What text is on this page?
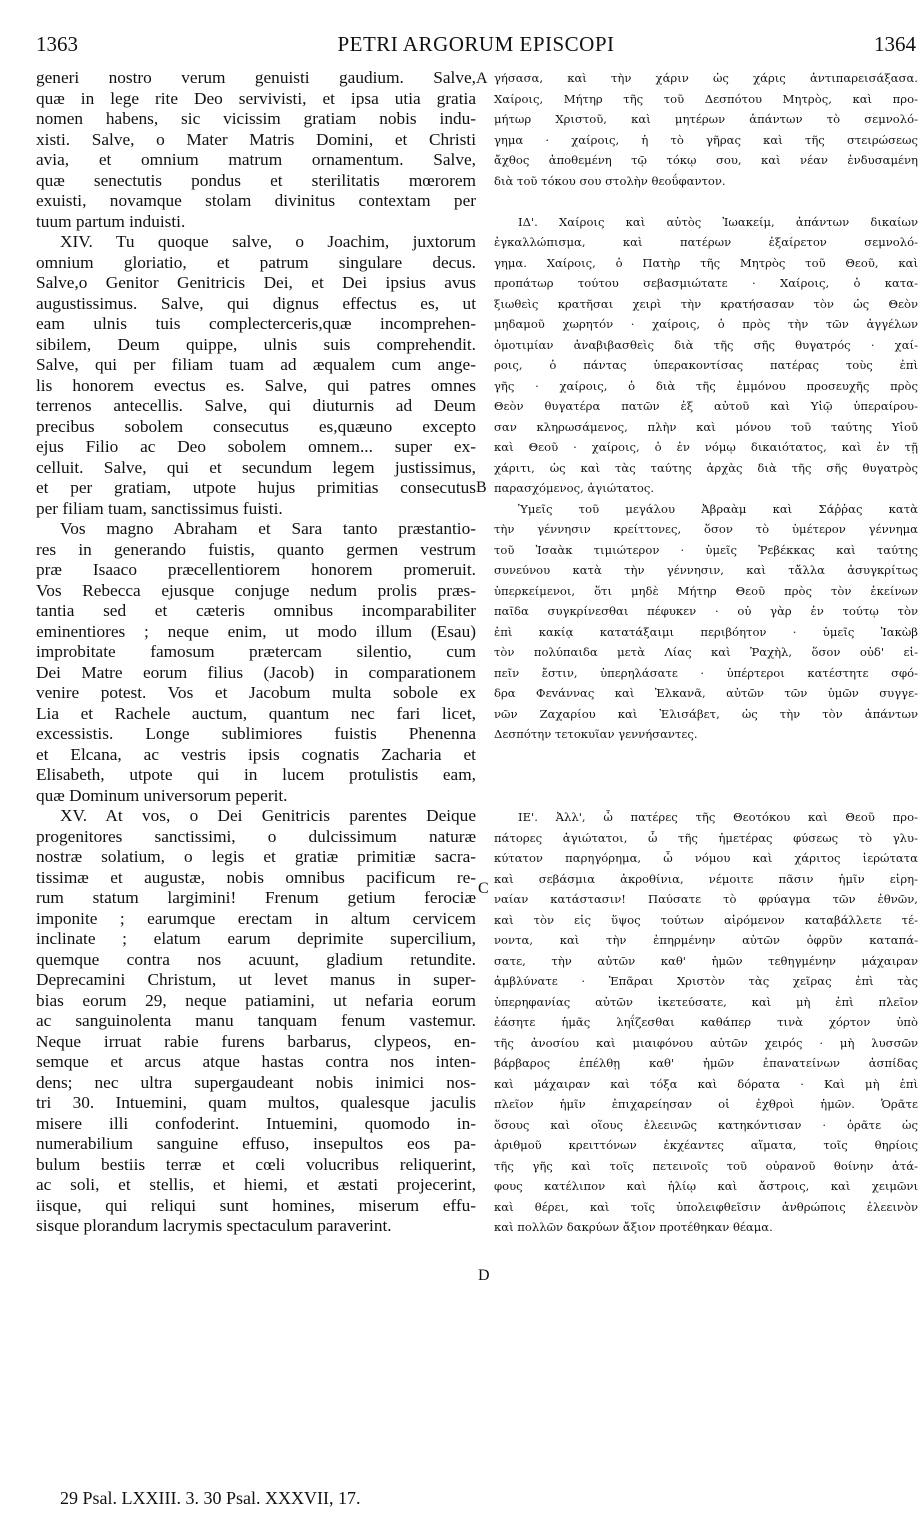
1363	PETRI ARGORUM EPISCOPI	1364
generi nostro verum genuisti gaudium. Salve,
quæ in lege rite Deo servivisti, et ipsa utia gratia
nomen habens, sic vicissim gratiam nobis indu-
xisti. Salve, o Mater Matris Domini, et Christi
avia, et omnium matrum ornamentum. Salve,
quæ senectutis pondus et sterilitatis mœrorem
exuisti, novamque stolam divinitus contextam per
tuum partum induisti.
XIV. Tu quoque salve, o Joachim, juxtorum
omnium gloriatio, et patrum singulare decus.
Salve,o Genitor Genitricis Dei, et Dei ipsius avus
augustissimus. Salve, qui dignus effectus es, ut
eam ulnis tuis complecterceris,quæ incomprehen-
sibilem, Deum quippe, ulnis suis comprehendit.
Salve, qui per filiam tuam ad æqualem cum ange-
lis honorem evectus es. Salve, qui patres omnes
terrenos antecellis. Salve, qui diuturnis ad Deum
precibus sobolem consecutus es,quæuno excepto
ejus Filio ac Deo sobolem omnem... super ex-
celluit. Salve, qui et secundum legem justissimus,
et per gratiam, utpote hujus primitias consecutus
per filiam tuam, sanctissimus fuisti.
Vos magno Abraham et Sara tanto præstantio-
res in generando fuistis, quanto germen vestrum
præ Isaaco præcellentiorem honorem promeruit.
Vos Rebecca ejusque conjuge nedum prolis præs-
tantia sed et cæteris omnibus incomparabiliter
eminentiores ; neque enim, ut modo illum (Esau)
improbitate famosum prætercam silentio, cum
Dei Matre eorum filius (Jacob) in comparationem
venire potest. Vos et Jacobum multa sobole ex
Lia et Rachele auctum, quantum nec fari licet,
excessistis. Longe sublimiores fuistis Phenenna
et Elcana, ac vestris ipsis cognatis Zacharia et
Elisabeth, utpote qui in lucem protulistis eam,
quæ Dominum universorum peperit.
XV. At vos, o Dei Genitricis parentes Deique
progenitores sanctissimi, o dulcissimum naturæ
nostræ solatium, o legis et gratiæ primitiæ sacra-
tissimæ et augustæ, nobis omnibus pacificum re-
rum statum largimini! Frenum getium ferociæ
imponite ; earumque erectam in altum cervicem
inclinate ; elatum earum deprimite supercilium,
quemque contra nos acuunt, gladium retundite.
Deprecamini Christum, ut levet manus in super-
bias eorum 29, neque patiamini, ut nefaria eorum
ac sanguinolenta manu tanquam fenum vastemur.
Neque irruat rabie furens barbarus, clypeos, en-
semque et arcus atque hastas contra nos inten-
dens; nec ultra supergaudeant nobis inimici nos-
tri 30. Intuemini, quam multos, qualesque jaculis
misere illi confoderint. Intuemini, quomodo in-
numerabilium sanguine effuso, insepultos eos pa-
bulum bestiis terræ et cœli volucribus reliquerint,
ac soli, et stellis, et hiemi, et æstati projecerint,
iisque, qui reliqui sunt homines, miserum effu-
sisque plorandum lacrymis spectaculum paraverint.
γήσασα, καὶ τὴν χάριν ὡς χάρις ἀντιπαρεισάξασα.
Χαίροις, Μήτηρ τῆς τοῦ Δεσπότου Μητρὸς, καὶ προ-
μήτωρ Χριστοῦ, καὶ μητέρων ἁπάντων τὸ σεμνολό-
γημα · χαίροις, ἡ τὸ γῆρας καὶ τῆς στειρώσεως
ἄχθος ἀποθεμένη τῷ τόκῳ σου, καὶ νέαν ἐνδυσαμένη
διὰ τοῦ τόκου σου στολὴν θεοΰφαντον.
ΙΔ'. Χαίροις καὶ αὐτὸς Ἰωακείμ, ἁπάντων δικαίων
ἐγκαλλώπισμα, καὶ πατέρων ἐξαίρετον σεμνολό-
γημα. Χαίροις, ὁ Πατὴρ τῆς Μητρὸς τοῦ Θεοῦ, καὶ
προπάτωρ τούτου σεβασμιώτατε · Χαίροις, ὁ κατα-
ξιωθεὶς κρατῆσαι χειρὶ τὴν κρατήσασαν τὸν ὡς Θεὸν
μηδαμοῦ χωρητόν · χαίροις, ὁ πρὸς τὴν τῶν ἀγγέλων
ὁμοτιμίαν ἀναβιβασθεὶς διὰ τῆς σῆς θυγατρός · χαί-
ροις, ὁ πάντας ὑπερακοντίσας πατέρας τοὺς ἐπὶ
γῆς · χαίροις, ὁ διὰ τῆς ἐμμόνου προσευχῆς πρὸς
Θεὸν θυγατέρα πατῶν ἐξ αὐτοῦ καὶ Υἱῷ ὑπεραίρου-
σαν κληρωσάμενος, πλὴν καὶ μόνου τοῦ ταύτης Υἱοῦ
καὶ Θεοῦ · χαίροις, ὁ ἐν νόμῳ δικαιότατος, καὶ ἐν τῇ
χάριτι, ὡς καὶ τὰς ταύτης ἀρχὰς διὰ τῆς σῆς θυγατρὸς
παρασχόμενος, ἁγιώτατος.
Ὑμεῖς τοῦ μεγάλου Ἀβραὰμ καὶ Σάῤῥας κατὰ
τὴν γέννησιν κρείττονες, ὅσον τὸ ὑμέτερον γέννημα
τοῦ Ἰσαὰκ τιμιώτερον · ὑμεῖς Ῥεβέκκας καὶ ταύτης
συνεύνου κατὰ τὴν γέννησιν, καὶ τἄλλα ἀσυγκρίτως
ὑπερκείμενοι, ὅτι μηδὲ Μήτηρ Θεοῦ πρὸς τὸν ἐκείνων
παῖδα συγκρίνεσθαι πέφυκεν · οὐ γὰρ ἐν τούτῳ τὸν
ἐπὶ κακίᾳ κατατάξαιμι περιβόητον · ὑμεῖς Ἰακὼβ
τὸν πολύπαιδα μετὰ Λίας καὶ Ῥαχὴλ, ὅσον οὐδ' εἰ-
πεῖν ἔστιν, ὑπερηλάσατε · ὑπέρτεροι κατέστητε σφό-
δρα Φεvάννας καὶ Ἐλκανᾶ, αὐτῶν τῶν ὑμῶν συγγε-
νῶν Ζαχαρίου καὶ Ἐλισάβετ, ὡς τὴν τὸν ἁπάντων
Δεσπότην τετοκυῖαν γεννήσαντες.
ΙΕ'. Ἀλλ', ὦ πατέρες τῆς Θεοτόκου καὶ Θεοῦ προ-
πάτορες ἁγιώτατοι, ὦ τῆς ἡμετέρας φύσεως τὸ γλυ-
κύτατον παρηγόρημα, ὦ νόμου καὶ χάριτος ἱερώτατα
καὶ σεβάσμια ἀκροθίνια, νέμοιτε πᾶσιν ἡμῖν εἰρη-
ναίαν κατάστασιν! Παύσατε τὸ φρύαγμα τῶν ἐθνῶν,
καὶ τὸν εἰς ὕψος τούτων αἰρόμενον καταβάλλετε τέ-
νοντα, καὶ τὴν ἐπηρμένην αὐτῶν ὀφρῦν καταπά-
σατε, τὴν αὐτῶν καθ' ἡμῶν τεθηγμένην μάχαιραν
ἀμβλύνατε · Ἐπᾶραι Χριστὸν τὰς χεῖρας ἐπὶ τὰς
ὑπερηφανίας αὐτῶν ἱκετεύσατε, καὶ μὴ ἐπὶ πλεῖον
ἐάσητε ἡμᾶς ληΐζεσθαι καθάπερ τινὰ χόρτον ὑπὸ
τῆς ἀνοσίου καὶ μιαιφόνου αὐτῶν χειρός · μὴ λυσσῶν
βάρβαρος ἐπέλθῃ καθ' ἡμῶν ἐπανατείνων ἀσπίδας
καὶ μάχαιραν καὶ τόξα καὶ δόρατα · Καὶ μὴ ἐπὶ
πλεῖον ἡμῖν ἐπιχαρείησαν οἱ ἐχθροὶ ἡμῶν. Ὁρᾶτε
ὅσους καὶ οἵους ἐλεεινῶς κατηκόντισαν · ὁρᾶτε ὡς
ἀριθμοῦ κρειττόνων ἐκχέαντες αἵματα, τοῖς θηρίοις
τῆς γῆς καὶ τοῖς πετεινοῖς τοῦ οὐρανοῦ θοίνην ἀτά-
φους κατέλιπον καὶ ἡλίῳ καὶ ἄστροις, καὶ χειμῶνι
καὶ θέρει, καὶ τοῖς ὑπολειφθεῖσιν ἀνθρώποις ἐλεεινὸν
καὶ πολλῶν δακρύων ἄξιον προτέθηκαν θέαμα.
A
B
C
D
29 Psal. LXXIII. 3. 30 Psal. XXXVII, 17.
